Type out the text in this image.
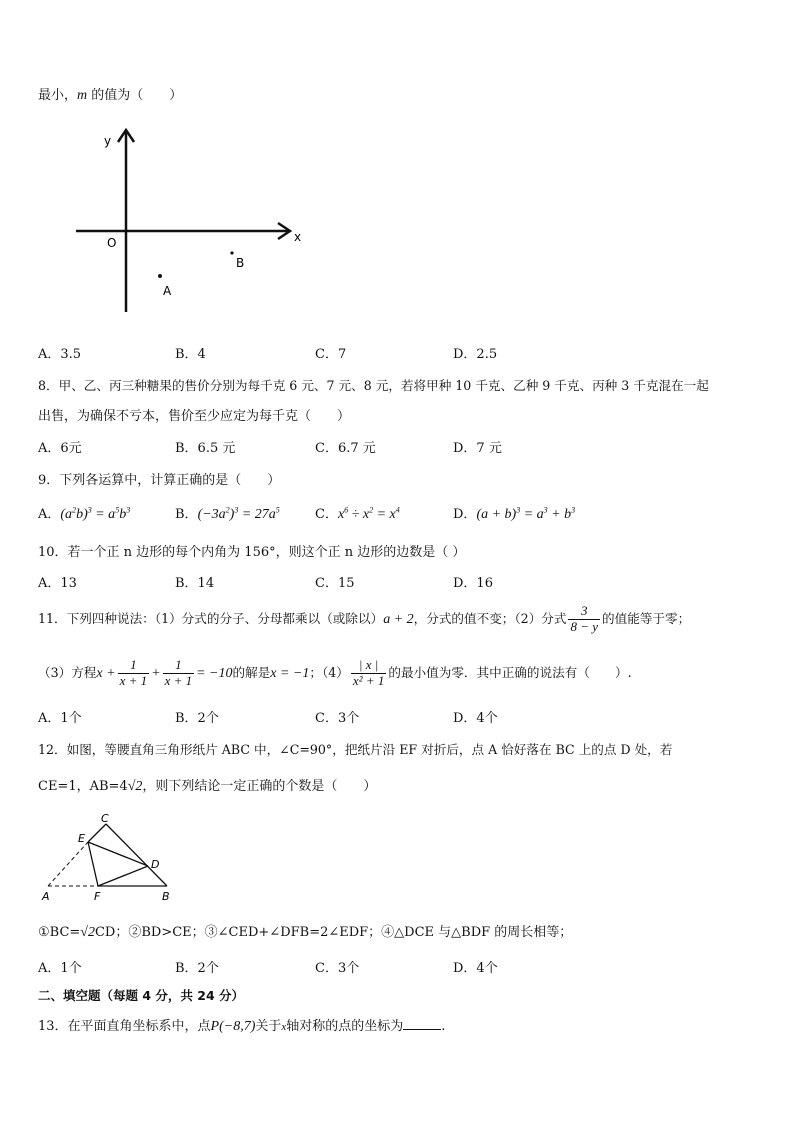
最小，m 的值为（　　）
y
x
O
A
B
A．3.5	B．4	C．7	D．2.5
8．甲、乙、丙三种糖果的售价分别为每千克 6 元、7 元、8 元，若将甲种 10 千克、乙种 9 千克、丙种 3 千克混在一起
出售，为确保不亏本，售价至少应定为每千克（　　）
A．6元	B．6.5 元	C．6.7 元	D．7 元
9．下列各运算中，计算正确的是（　　）
A．$(a^2b)^3 = a^5b^3$	B．$(-3a^2)^3 = 27a^5$	C．$x^6 \div x^2 = x^4$	D．$(a + b)^3 = a^3 + b^3$
10．若一个正 n 边形的每个内角为 156°，则这个正 n 边形的边数是（ ）
A．13	B．14	C．15	D．16
11．下列四种说法：（1）分式的分子、分母都乘以（或除以）a + 2，分式的值不变；（2）分式 $\frac{3}{8 - y}$ 的值能等于零；
（3）方程$x + \frac{1}{x + 1} + \frac{1}{x + 1} = -10$的解是x = −1；$(4) \frac{| x |}{\text{x² + 1}}$ 的最小值为零．其中正确的说法有（　　）.
A．1个	B．2个	C．3个	D．4个
12．如图，等腰直角三角形纸片 ABC 中，∠C=90°，把纸片沿 EF 对折后，点 A 恰好落在 BC 上的点 D 处，若
CE=1，AB=4√2，则下列结论一定正确的个数是（　　）
C
E
D
A	F	B
①BC=√2CD；②BD>CE；③∠CED+∠DFB=2∠EDF；④△DCE 与△BDF 的周长相等；
A．1个	B．2个	C．3个	D．4个
二、填空题（每题 4 分，共 24 分）
13．在平面直角坐标系中，点P(−8,7)关于x轴对称的点的坐标为	.
